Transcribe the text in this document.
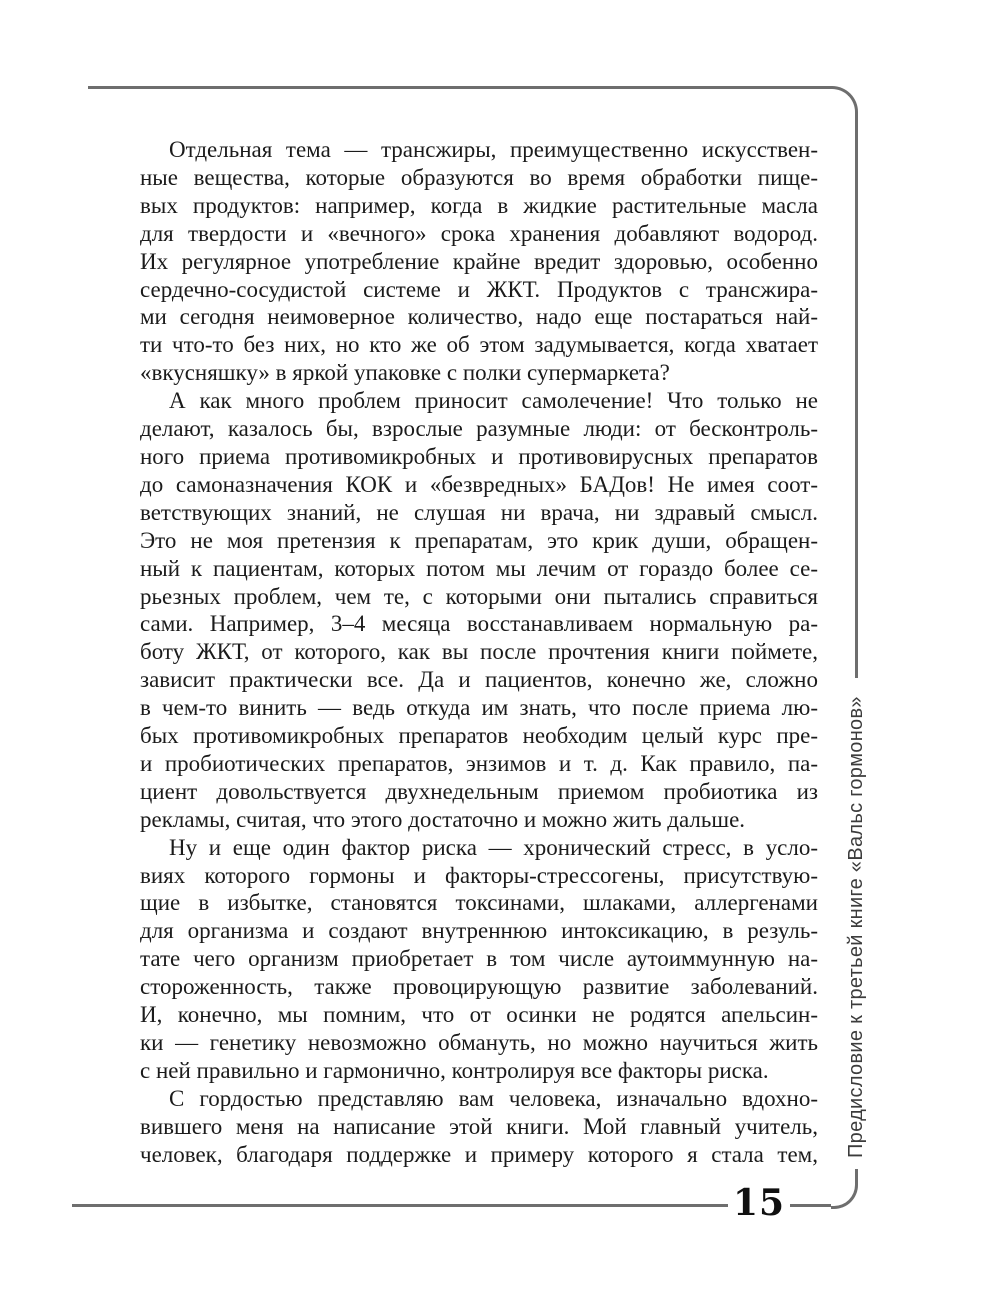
Предисловие к третьей книге «Вальс гормонов»
Отдельная тема — трансжиры, преимущественно искусствен-
ные вещества, которые образуются во время обработки пище-
вых продуктов: например, когда в жидкие растительные масла
для твердости и «вечного» срока хранения добавляют водород.
Их регулярное употребление крайне вредит здоровью, особенно
сердечно-сосудистой системе и ЖКТ. Продуктов с трансжира-
ми сегодня неимоверное количество, надо еще постараться най-
ти что-то без них, но кто же об этом задумывается, когда хватает
«вкусняшку» в яркой упаковке с полки супермаркета?
А как много проблем приносит самолечение! Что только не
делают, казалось бы, взрослые разумные люди: от бесконтроль-
ного приема противомикробных и противовирусных препаратов
до самоназначения КОК и «безвредных» БАДов! Не имея соот-
ветствующих знаний, не слушая ни врача, ни здравый смысл.
Это не моя претензия к препаратам, это крик души, обращен-
ный к пациентам, которых потом мы лечим от гораздо более се-
рьезных проблем, чем те, с которыми они пытались справиться
сами. Например, 3–4 месяца восстанавливаем нормальную ра-
боту ЖКТ, от которого, как вы после прочтения книги поймете,
зависит практически все. Да и пациентов, конечно же, сложно
в чем-то винить — ведь откуда им знать, что после приема лю-
бых противомикробных препаратов необходим целый курс пре-
и пробиотических препаратов, энзимов и т. д. Как правило, па-
циент довольствуется двухнедельным приемом пробиотика из
рекламы, считая, что этого достаточно и можно жить дальше.
Ну и еще один фактор риска — хронический стресс, в усло-
виях которого гормоны и факторы-стрессогены, присутствую-
щие в избытке, становятся токсинами, шлаками, аллергенами
для организма и создают внутреннюю интоксикацию, в резуль-
тате чего организм приобретает в том числе аутоиммунную на-
стороженность, также провоцирующую развитие заболеваний.
И, конечно, мы помним, что от осинки не родятся апельсин-
ки — генетику невозможно обмануть, но можно научиться жить
с ней правильно и гармонично, контролируя все факторы риска.
С гордостью представляю вам человека, изначально вдохно-
вившего меня на написание этой книги. Мой главный учитель,
человек, благодаря поддержке и примеру которого я стала тем,
15
